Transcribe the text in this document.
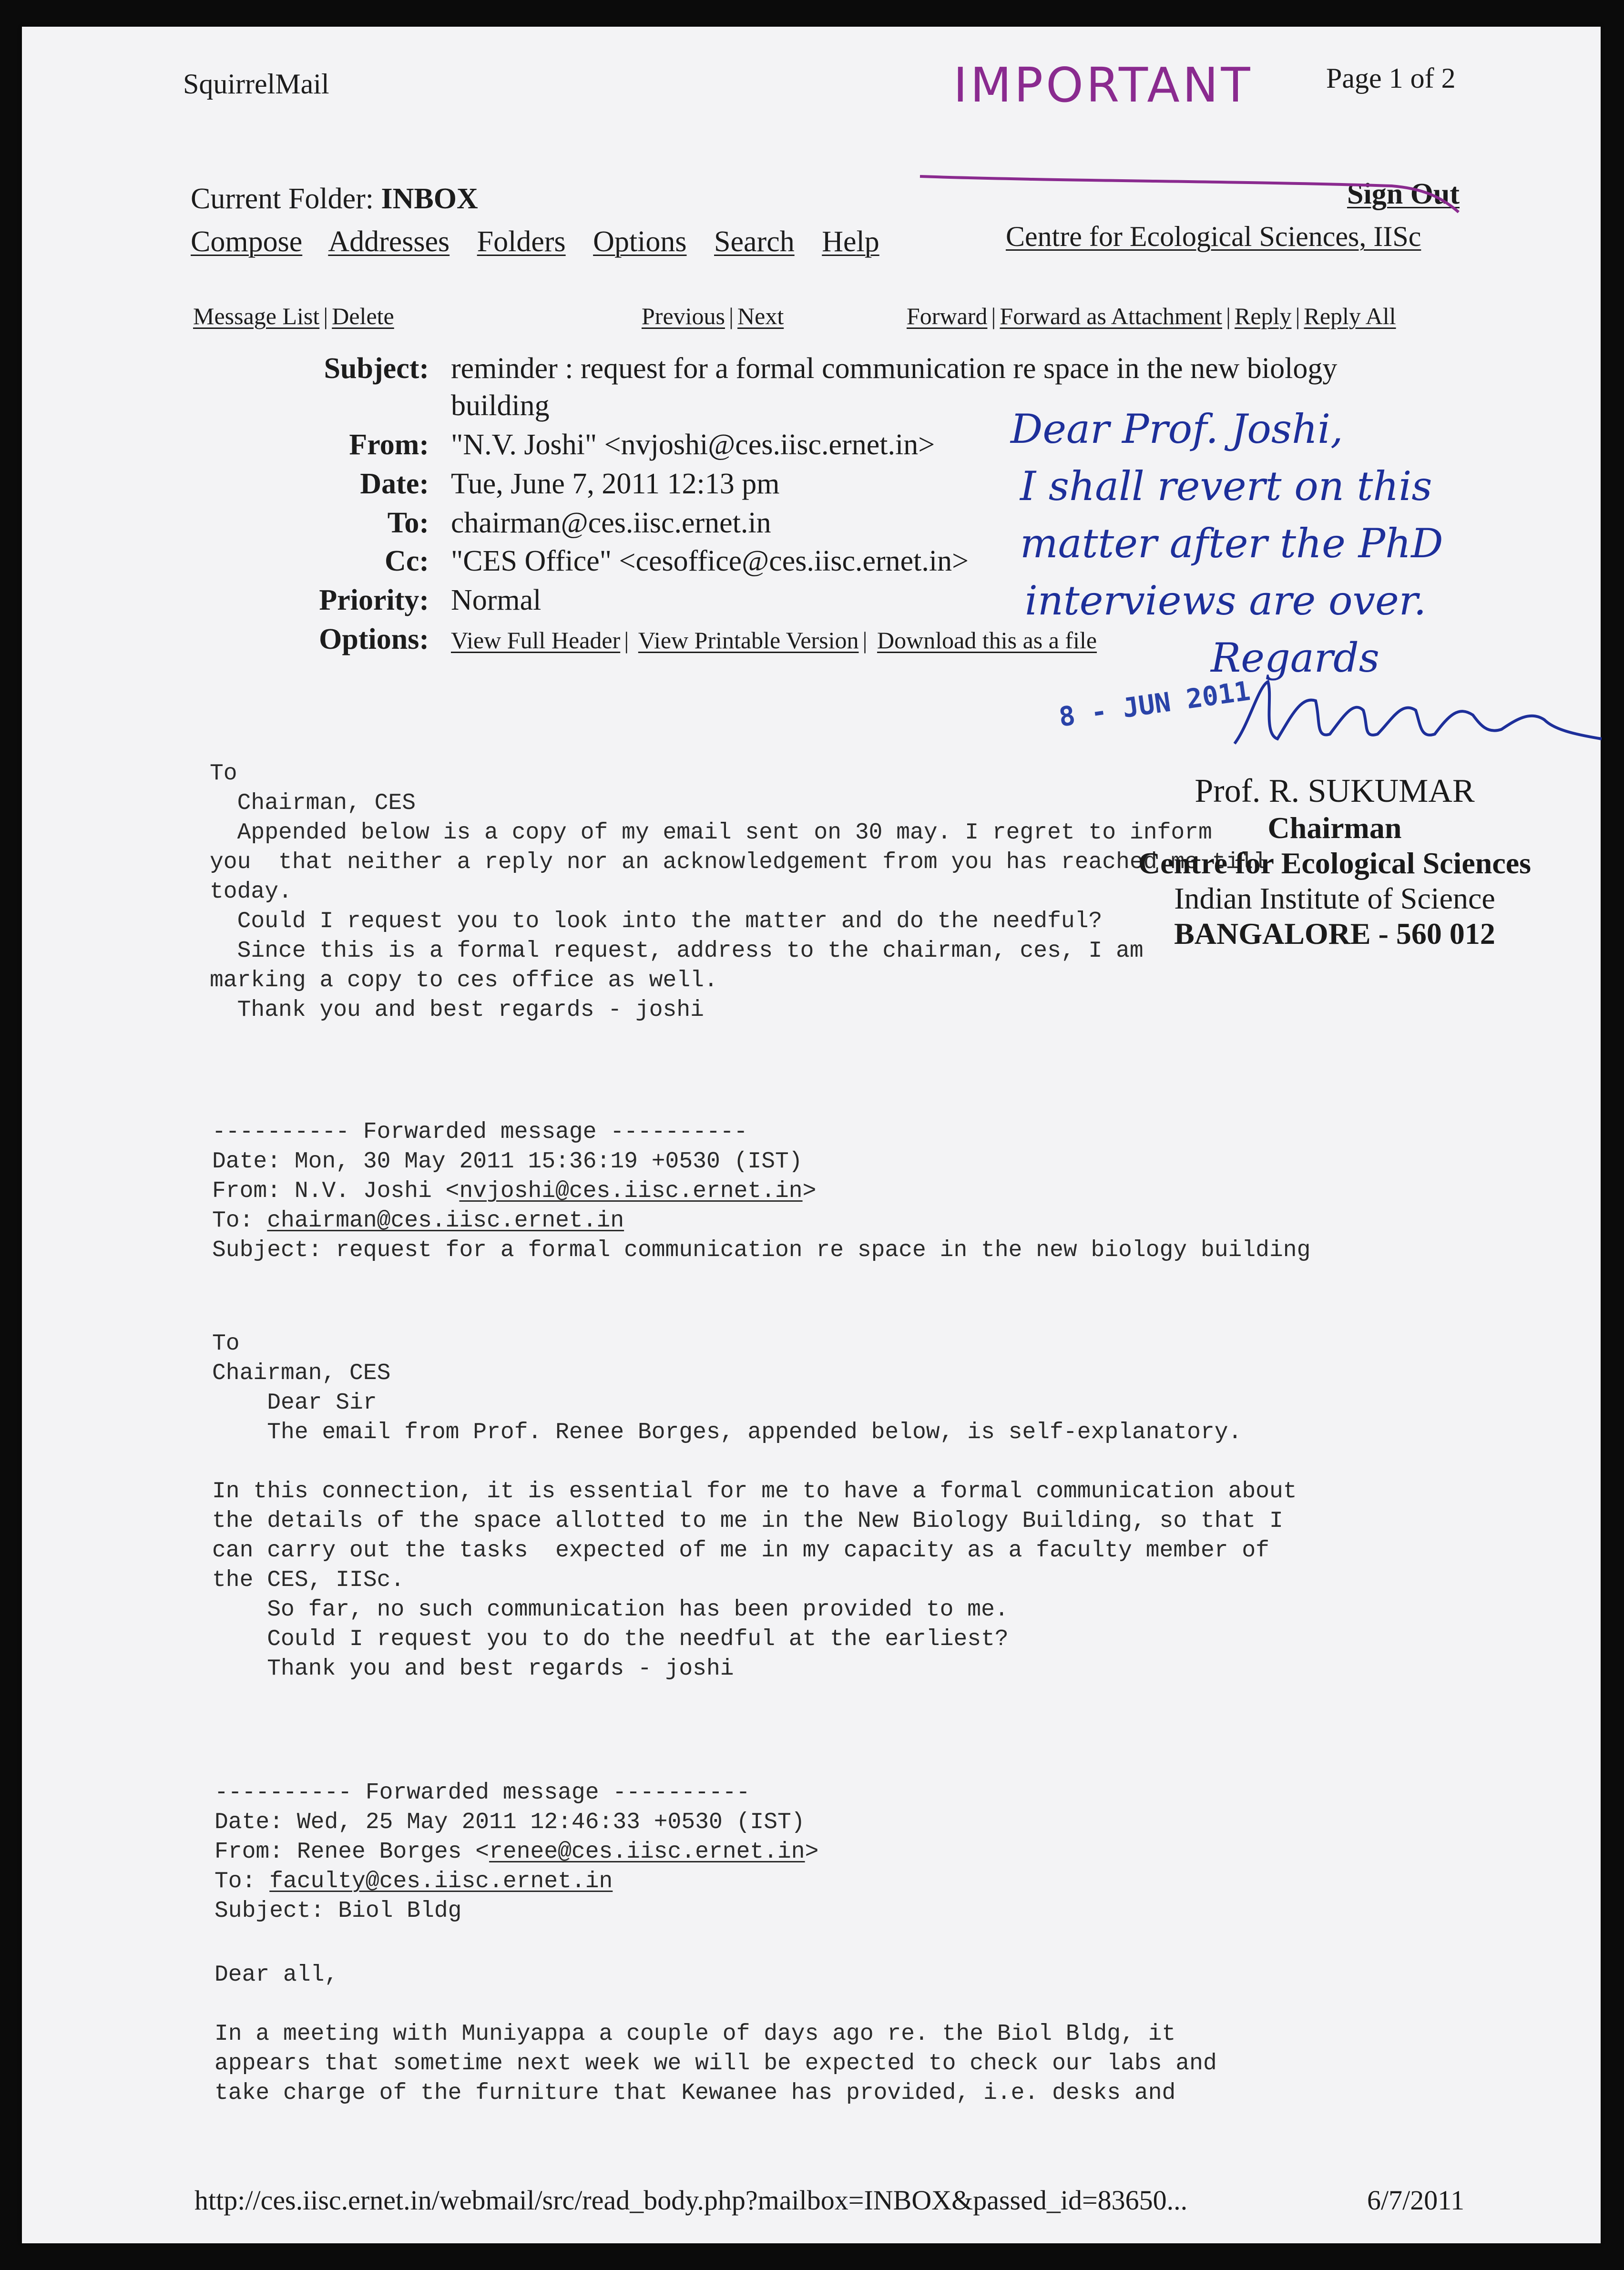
SquirrelMail	Page 1 of 2
Current Folder: INBOX	Sign Out
Centre for Ecological Sciences, IISc
Compose Addresses Folders Options Search Help
Message List | Delete	Previous | Next	Forward | Forward as Attachment | Reply | Reply All
Subject: reminder : request for a formal communication re space in the new biology
building
From: "N.V. Joshi" <nvjoshi@ces.iisc.ernet.in>
Date: Tue, June 7, 2011 12:13 pm
To: chairman@ces.iisc.ernet.in
Cc: "CES Office" <cesoffice@ces.iisc.ernet.in>
Priority: Normal
Options: View Full Header | View Printable Version | Download this as a file
To
Chairman, CES
Appended below is a copy of my email sent on 30 may. I regret to inform
you  that neither a reply nor an acknowledgement from you has reached me till
today.
Could I request you to look into the matter and do the needful?
Since this is a formal request, address to the chairman, ces, I am
marking a copy to ces office as well.
Thank you and best regards - joshi
---------- Forwarded message ----------
Date: Mon, 30 May 2011 15:36:19 +0530 (IST)
From: N.V. Joshi <nvjoshi@ces.iisc.ernet.in>
To: chairman@ces.iisc.ernet.in
Subject: request for a formal communication re space in the new biology building
To
Chairman, CES
Dear Sir
The email from Prof. Renee Borges, appended below, is self-explanatory.

In this connection, it is essential for me to have a formal communication about
the details of the space allotted to me in the New Biology Building, so that I
can carry out the tasks  expected of me in my capacity as a faculty member of
the CES, IISc.
So far, no such communication has been provided to me.
Could I request you to do the needful at the earliest?
Thank you and best regards - joshi
---------- Forwarded message ----------
Date: Wed, 25 May 2011 12:46:33 +0530 (IST)
From: Renee Borges <renee@ces.iisc.ernet.in>
To: faculty@ces.iisc.ernet.in
Subject: Biol Bldg
Dear all,

In a meeting with Muniyappa a couple of days ago re. the Biol Bldg, it
appears that sometime next week we will be expected to check our labs and
take charge of the furniture that Kewanee has provided, i.e. desks and
Prof. R. SUKUMAR
Chairman
Centre for Ecological Sciences
Indian Institute of Science
BANGALORE - 560 012
IMPORTANT
Dear Prof. Joshi,
I shall revert on this
matter after the PhD
interviews are over.
Regards
8 - JUN 2011
http://ces.iisc.ernet.in/webmail/src/read_body.php?mailbox=INBOX&passed_id=83650...	6/7/2011
